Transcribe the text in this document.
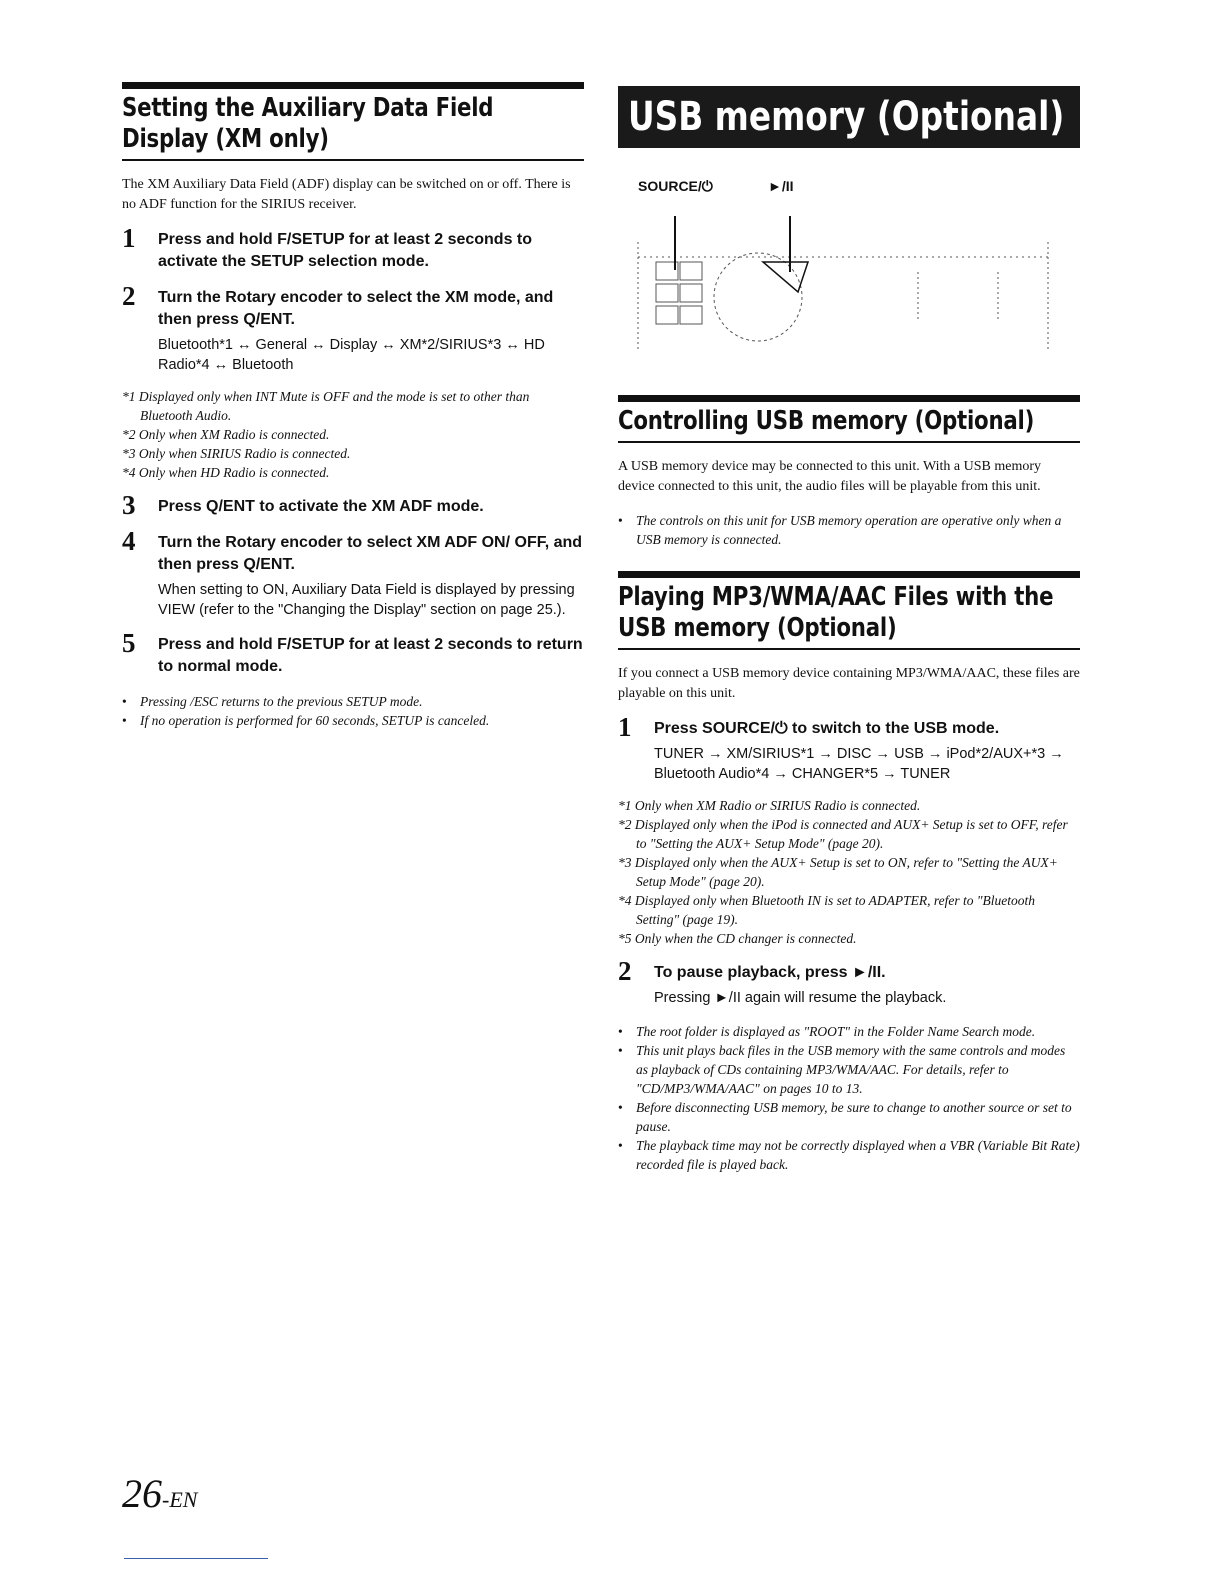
Setting the Auxiliary Data Field Display (XM only)
The XM Auxiliary Data Field (ADF) display can be switched on or off. There is no ADF function for the SIRIUS receiver.
1 Press and hold F/SETUP for at least 2 seconds to activate the SETUP selection mode.
2 Turn the Rotary encoder to select the XM mode, and then press Q/ENT.
Bluetooth*1 ↔ General ↔ Display ↔ XM*2/SIRIUS*3 ↔ HD Radio*4 ↔ Bluetooth
*1 Displayed only when INT Mute is OFF and the mode is set to other than Bluetooth Audio.
*2 Only when XM Radio is connected.
*3 Only when SIRIUS Radio is connected.
*4 Only when HD Radio is connected.
3 Press Q/ENT to activate the XM ADF mode.
4 Turn the Rotary encoder to select XM ADF ON/ OFF, and then press Q/ENT.
When setting to ON, Auxiliary Data Field is displayed by pressing VIEW (refer to the "Changing the Display" section on page 25.).
5 Press and hold F/SETUP for at least 2 seconds to return to normal mode.
• Pressing /ESC returns to the previous SETUP mode.
• If no operation is performed for 60 seconds, SETUP is canceled.
USB memory (Optional)
SOURCE/⏻	►/II
Controlling USB memory (Optional)
A USB memory device may be connected to this unit. With a USB memory device connected to this unit, the audio files will be playable from this unit.
• The controls on this unit for USB memory operation are operative only when a USB memory is connected.
Playing MP3/WMA/AAC Files with the USB memory (Optional)
If you connect a USB memory device containing MP3/WMA/AAC, these files are playable on this unit.
1 Press SOURCE/⏻ to switch to the USB mode.
TUNER → XM/SIRIUS*1 → DISC → USB → iPod*2/AUX+*3 → Bluetooth Audio*4 → CHANGER*5 → TUNER
*1 Only when XM Radio or SIRIUS Radio is connected.
*2 Displayed only when the iPod is connected and AUX+ Setup is set to OFF, refer to "Setting the AUX+ Setup Mode" (page 20).
*3 Displayed only when the AUX+ Setup is set to ON, refer to "Setting the AUX+ Setup Mode" (page 20).
*4 Displayed only when Bluetooth IN is set to ADAPTER, refer to "Bluetooth Setting" (page 19).
*5 Only when the CD changer is connected.
2 To pause playback, press ►/II.
Pressing ►/II again will resume the playback.
• The root folder is displayed as "ROOT" in the Folder Name Search mode.
• This unit plays back files in the USB memory with the same controls and modes as playback of CDs containing MP3/WMA/AAC. For details, refer to "CD/MP3/WMA/AAC" on pages 10 to 13.
• Before disconnecting USB memory, be sure to change to another source or set to pause.
• The playback time may not be correctly displayed when a VBR (Variable Bit Rate) recorded file is played back.
26-EN
